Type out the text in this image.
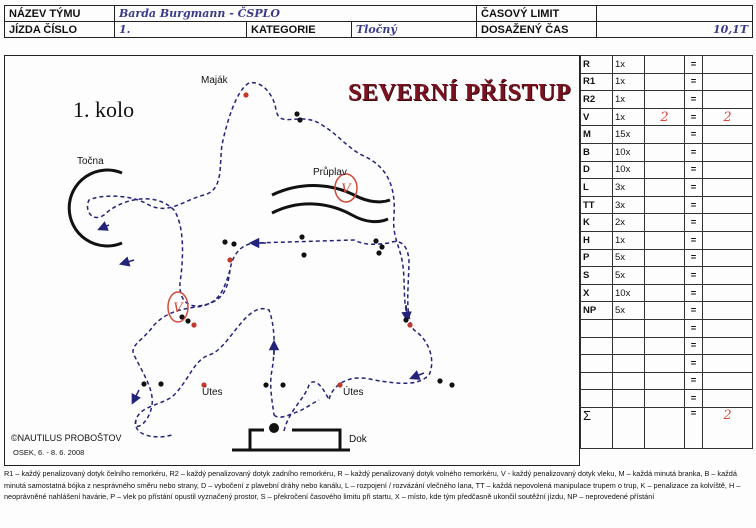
NÁZEV TÝMU	Barda Burgmann - ČSPLO			ČASOVÝ LIMIT	
JÍZDA ČÍSLO	1.	KATEGORIE	Tločný	DOSAŽENÝ ČAS	10,1T
V
V
1. kolo
SEVERNÍ PŘÍSTUP
Maják
Točna
Průplav
Útes	Útes
Dok
©NAUTILUS PROBOŠTOV
OSEK, 6. - 8. 6. 2008
R	1x		=	
R1	1x		=	
R2	1x		=	
V	1x	2	=	2
M	15x		=	
B	10x		=	
D	10x		=	
L	3x		=	
TT	3x		=	
K	2x		=	
H	1x		=	
P	5x		=	
S	5x		=	
X	10x		=	
NP	5x		=	
			=	
			=	
			=	
			=	
			=	
Σ			=	2

R1 – každý penalizovaný dotyk čelního remorkéru, R2 – každý penalizovaný dotyk zadního remorkéru, R – každý penalizovaný dotyk volného remorkéru, V - každý penalizovaný dotyk vleku, M – každá minutá branka, B – každá minutá samostatná bójka z nesprávného směru nebo strany, D – vybočení z plavební dráhy nebo kanálu, L – rozpojení / rozvázání vlečného lana, TT – každá nepovolená manipulace trupem o trup, K – penalizace za kolvíště, H – neoprávněné nahlášení havárie, P – vlek po přístání opustil vyznačený prostor, S – překročení časového limitu při startu, X – místo, kde tým předčasně ukončil soutěžní jízdu, NP – neprovedené přístání
